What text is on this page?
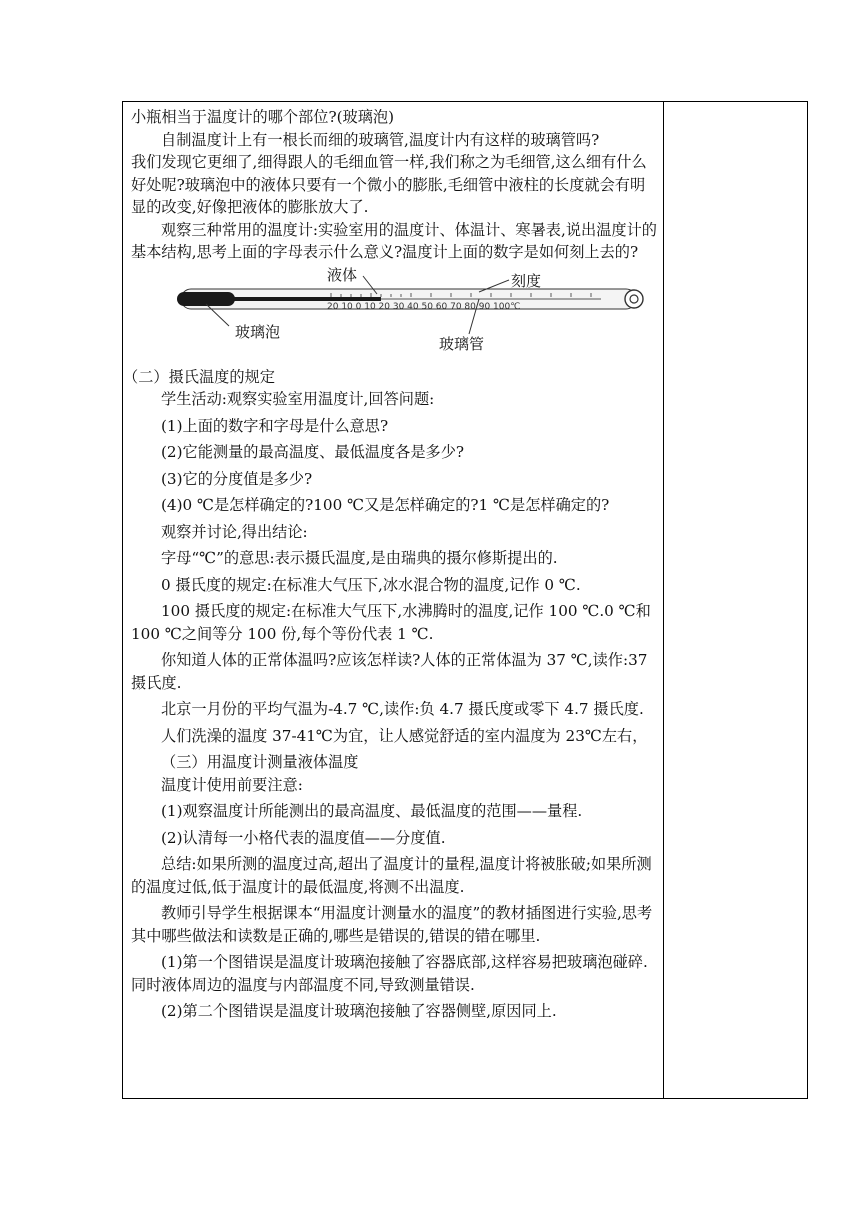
小瓶相当于温度计的哪个部位?(玻璃泡)

自制温度计上有一根长而细的玻璃管,温度计内有这样的玻璃管吗?

我们发现它更细了,细得跟人的毛细血管一样,我们称之为毛细管,这么细有什么好处呢?玻璃泡中的液体只要有一个微小的膨胀,毛细管中液柱的长度就会有明显的改变,好像把液体的膨胀放大了.

观察三种常用的温度计:实验室用的温度计、体温计、寒暑表,说出温度计的基本结构,思考上面的字母表示什么意义?温度计上面的数字是如何刻上去的?

20 10 0 10 20 30 40 50 60 70 80 90 100℃
液体	刻度
玻璃泡
玻璃管

（二）摄氏温度的规定

学生活动:观察实验室用温度计,回答问题:

(1)上面的数字和字母是什么意思?

(2)它能测量的最高温度、最低温度各是多少?

(3)它的分度值是多少?

(4)0 ℃是怎样确定的?100 ℃又是怎样确定的?1 ℃是怎样确定的?

观察并讨论,得出结论:

字母“℃”的意思:表示摄氏温度,是由瑞典的摄尔修斯提出的.

0 摄氏度的规定:在标准大气压下,冰水混合物的温度,记作 0 ℃.

100 摄氏度的规定:在标准大气压下,水沸腾时的温度,记作 100 ℃.0 ℃和 100 ℃之间等分 100 份,每个等份代表 1 ℃.

你知道人体的正常体温吗?应该怎样读?人体的正常体温为 37 ℃,读作:37 摄氏度.

北京一月份的平均气温为-4.7 ℃,读作:负 4.7 摄氏度或零下 4.7 摄氏度.

人们洗澡的温度 37-41℃为宜，让人感觉舒适的室内温度为 23℃左右，

（三）用温度计测量液体温度

温度计使用前要注意:

(1)观察温度计所能测出的最高温度、最低温度的范围——量程.

(2)认清每一小格代表的温度值——分度值.

总结:如果所测的温度过高,超出了温度计的量程,温度计将被胀破;如果所测的温度过低,低于温度计的最低温度,将测不出温度.

教师引导学生根据课本“用温度计测量水的温度”的教材插图进行实验,思考其中哪些做法和读数是正确的,哪些是错误的,错误的错在哪里.

(1)第一个图错误是温度计玻璃泡接触了容器底部,这样容易把玻璃泡碰碎.同时液体周边的温度与内部温度不同,导致测量错误.

(2)第二个图错误是温度计玻璃泡接触了容器侧壁,原因同上.
